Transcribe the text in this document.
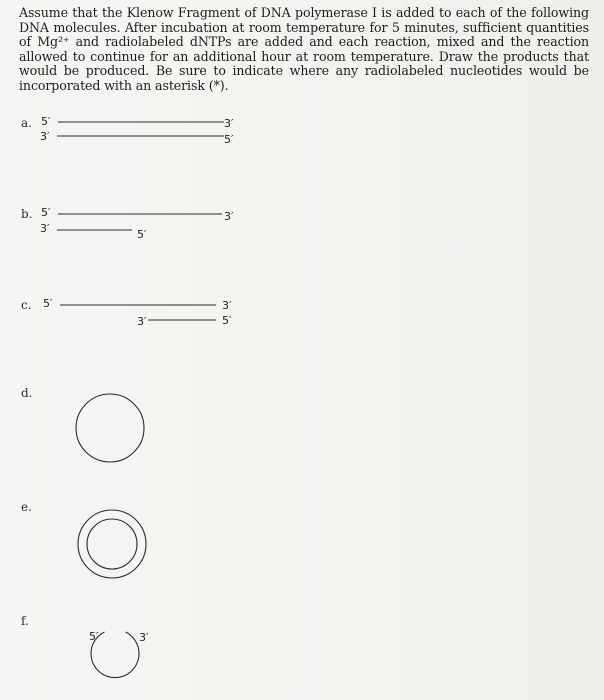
Assume that the Klenow Fragment of DNA polymerase I is added to each of the following DNA molecules. After incubation at room temperature for 5 minutes, sufficient quantities of Mg²⁺ and radiolabeled dNTPs are added and each reaction, mixed and the reaction allowed to continue for an additional hour at room temperature. Draw the products that would be produced. Be sure to indicate where any radiolabeled nucleotides would be incorporated with an asterisk (*).
a. 5′
3′
3′
5′
b. 5′
3′
3′
5′
c. 5′
3′
3′
5′
d.
e.
f.
5′	3′
